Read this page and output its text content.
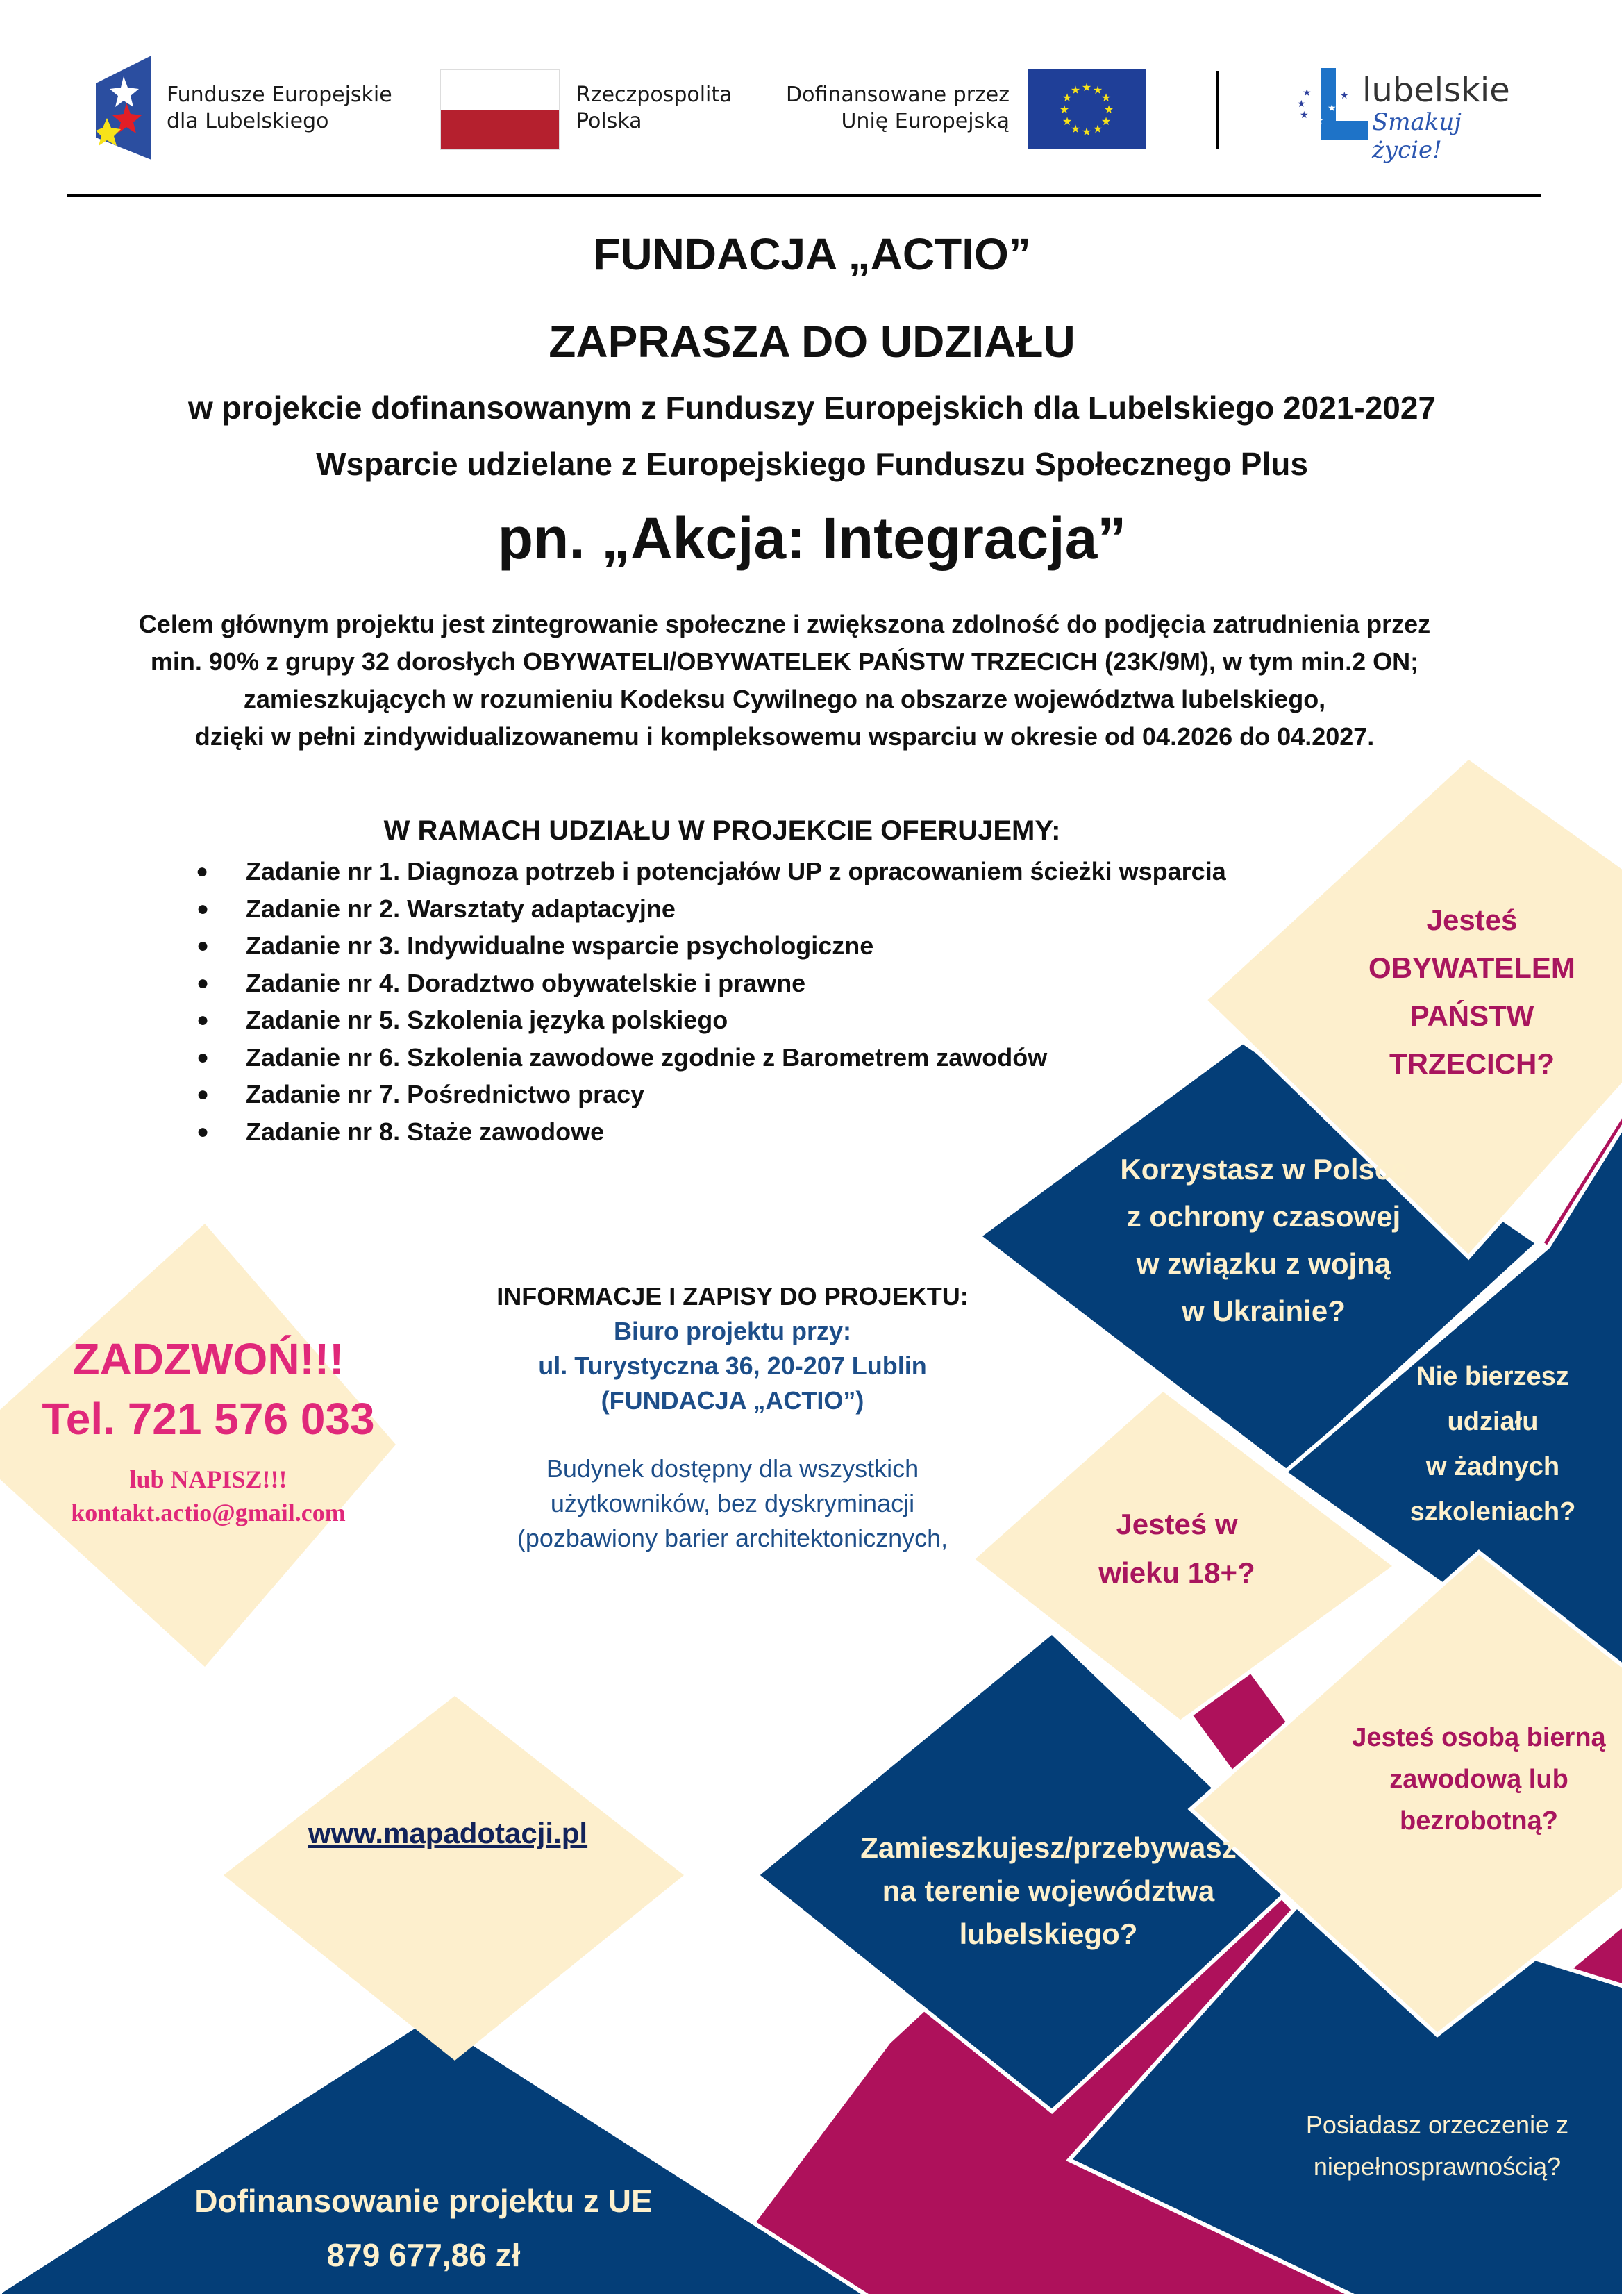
Fundusze Europejskie
dla Lubelskiego
Rzeczpospolita
Polska
Dofinansowane przez
Unię Europejską
★ ★
★
★
★
★
★
★
★
★
★
★	★
★
★
★
★
★
lubelskie
Smakuj życie!
FUNDACJA „ACTIO”
ZAPRASZA DO UDZIAŁU
w projekcie dofinansowanym z Funduszy Europejskich dla Lubelskiego 2021-2027
Wsparcie udzielane z Europejskiego Funduszu Społecznego Plus
pn. „Akcja: Integracja”
Celem głównym projektu jest zintegrowanie społeczne i zwiększona zdolność do podjęcia zatrudnienia przez
min. 90% z grupy 32 dorosłych OBYWATELI/OBYWATELEK PAŃSTW TRZECICH (23K/9M), w tym min.2 ON;
zamieszkujących w rozumieniu Kodeksu Cywilnego na obszarze województwa lubelskiego,
dzięki w pełni zindywidualizowanemu i kompleksowemu wsparciu w okresie od 04.2026 do 04.2027.
W RAMACH UDZIAŁU W PROJEKCIE OFERUJEMY:
● Zadanie nr 1. Diagnoza potrzeb i potencjałów UP z opracowaniem ścieżki wsparcia
● Zadanie nr 2. Warsztaty adaptacyjne
● Zadanie nr 3. Indywidualne wsparcie psychologiczne
● Zadanie nr 4. Doradztwo obywatelskie i prawne
● Zadanie nr 5. Szkolenia języka polskiego
● Zadanie nr 6. Szkolenia zawodowe zgodnie z Barometrem zawodów
● Zadanie nr 7. Pośrednictwo pracy
● Zadanie nr 8. Staże zawodowe
INFORMACJE I ZAPISY DO PROJEKTU:
Biuro projektu przy:
ul. Turystyczna 36, 20-207 Lublin
(FUNDACJA „ACTIO”)
Budynek dostępny dla wszystkich
użytkowników, bez dyskryminacji
(pozbawiony barier architektonicznych,
ZADZWOŃ!!!
Tel. 721 576 033
lub NAPISZ!!!
kontakt.actio@gmail.com
www.mapadotacji.pl
Dofinansowanie projektu z UE
879 677,86 zł
Jesteś
OBYWATELEM
PAŃSTW
TRZECICH?
Korzystasz w Polsce
z ochrony czasowej
w związku z wojną
w Ukrainie?
Nie bierzesz
udziału
w żadnych
szkoleniach?
Jesteś w
wieku 18+?
Jesteś osobą bierną
zawodową lub
bezrobotną?
Zamieszkujesz/przebywasz
na terenie województwa
lubelskiego?
Posiadasz orzeczenie z
niepełnosprawnością?
